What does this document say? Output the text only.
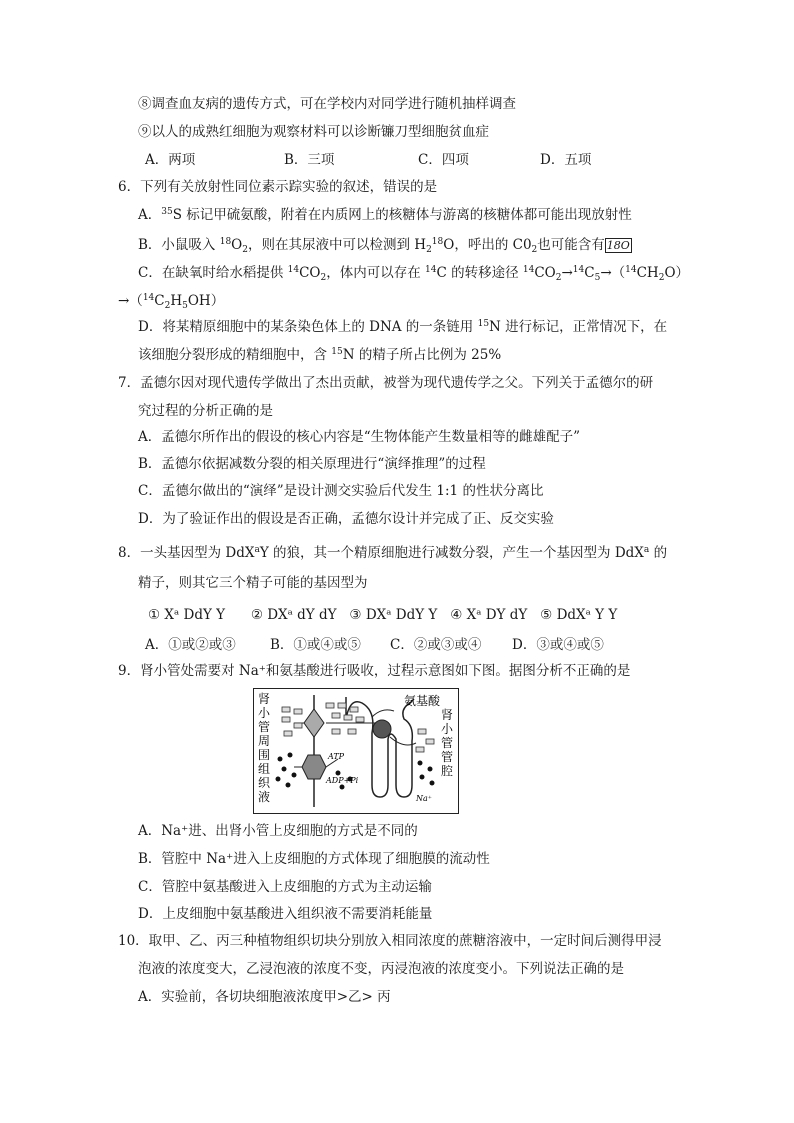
⑧调查血友病的遗传方式，可在学校内对同学进行随机抽样调查
⑨以人的成熟红细胞为观察材料可以诊断镰刀型细胞贫血症
A．两项	B．三项	C．四项	D．五项
6．下列有关放射性同位素示踪实验的叙述，错误的是
A．$^{35}$S 标记甲硫氨酸，附着在内质网上的核糖体与游离的核糖体都可能出现放射性
B．小鼠吸入 $^{18}O_2$，则在其尿液中可以检测到 $H_2^{18}O$，呼出的 $C0_2$也可能含有 18O
C．在缺氧时给水稻提供 $^{14}CO_2$，体内可以存在 $^{14}$C 的转移途径 $^{14}CO_2\to^{14}C_5\to(^{14}CH_2O)$
$\to(^{14}C_2H_5OH)$
D．将某精原细胞中的某条染色体上的 DNA 的一条链用 $^{15}$N 进行标记，正常情况下，在
该细胞分裂形成的精细胞中，含 $^{15}$N 的精子所占比例为 25%
7．孟德尔因对现代遗传学做出了杰出贡献，被誉为现代遗传学之父。下列关于孟德尔的研
究过程的分析正确的是
A．孟德尔所作出的假设的核心内容是“生物体能产生数量相等的雌雄配子”
B．孟德尔依据减数分裂的相关原理进行“演绎推理”的过程
C．孟德尔做出的“演绎”是设计测交实验后代发生 1:1 的性状分离比
D．为了验证作出的假设是否正确，孟德尔设计并完成了正、反交实验
8．一头基因型为 DdX$^a$Y 的狼，其一个精原细胞进行减数分裂，产生一个基因型为 DdX$^a$ 的
精子，则其它三个精子可能的基因型为
① Xᵃ DdY Y      ② DXᵃ dY dY   ③ DXᵃ DdY Y   ④ Xᵃ DY dY   ⑤ DdXᵃ Y Y
A．①或②或③	B．①或④或⑤ C．②或③或④ D．③或④或⑤
9．肾小管处需要对 Na⁺和氨基酸进行吸收，过程示意图如下图。据图分析不正确的是
肾
小
管
周
围
组
织
液
肾
小
管
管
腔
氨基酸
ATP
ADP+Pi
Na⁺
A．Na⁺进、出肾小管上皮细胞的方式是不同的
B．管腔中 Na⁺进入上皮细胞的方式体现了细胞膜的流动性
C．管腔中氨基酸进入上皮细胞的方式为主动运输
D．上皮细胞中氨基酸进入组织液不需要消耗能量
10．取甲、乙、丙三种植物组织切块分别放入相同浓度的蔗糖溶液中，一定时间后测得甲浸
泡液的浓度变大，乙浸泡液的浓度不变，丙浸泡液的浓度变小。下列说法正确的是
A．实验前，各切块细胞液浓度甲>乙> 丙
